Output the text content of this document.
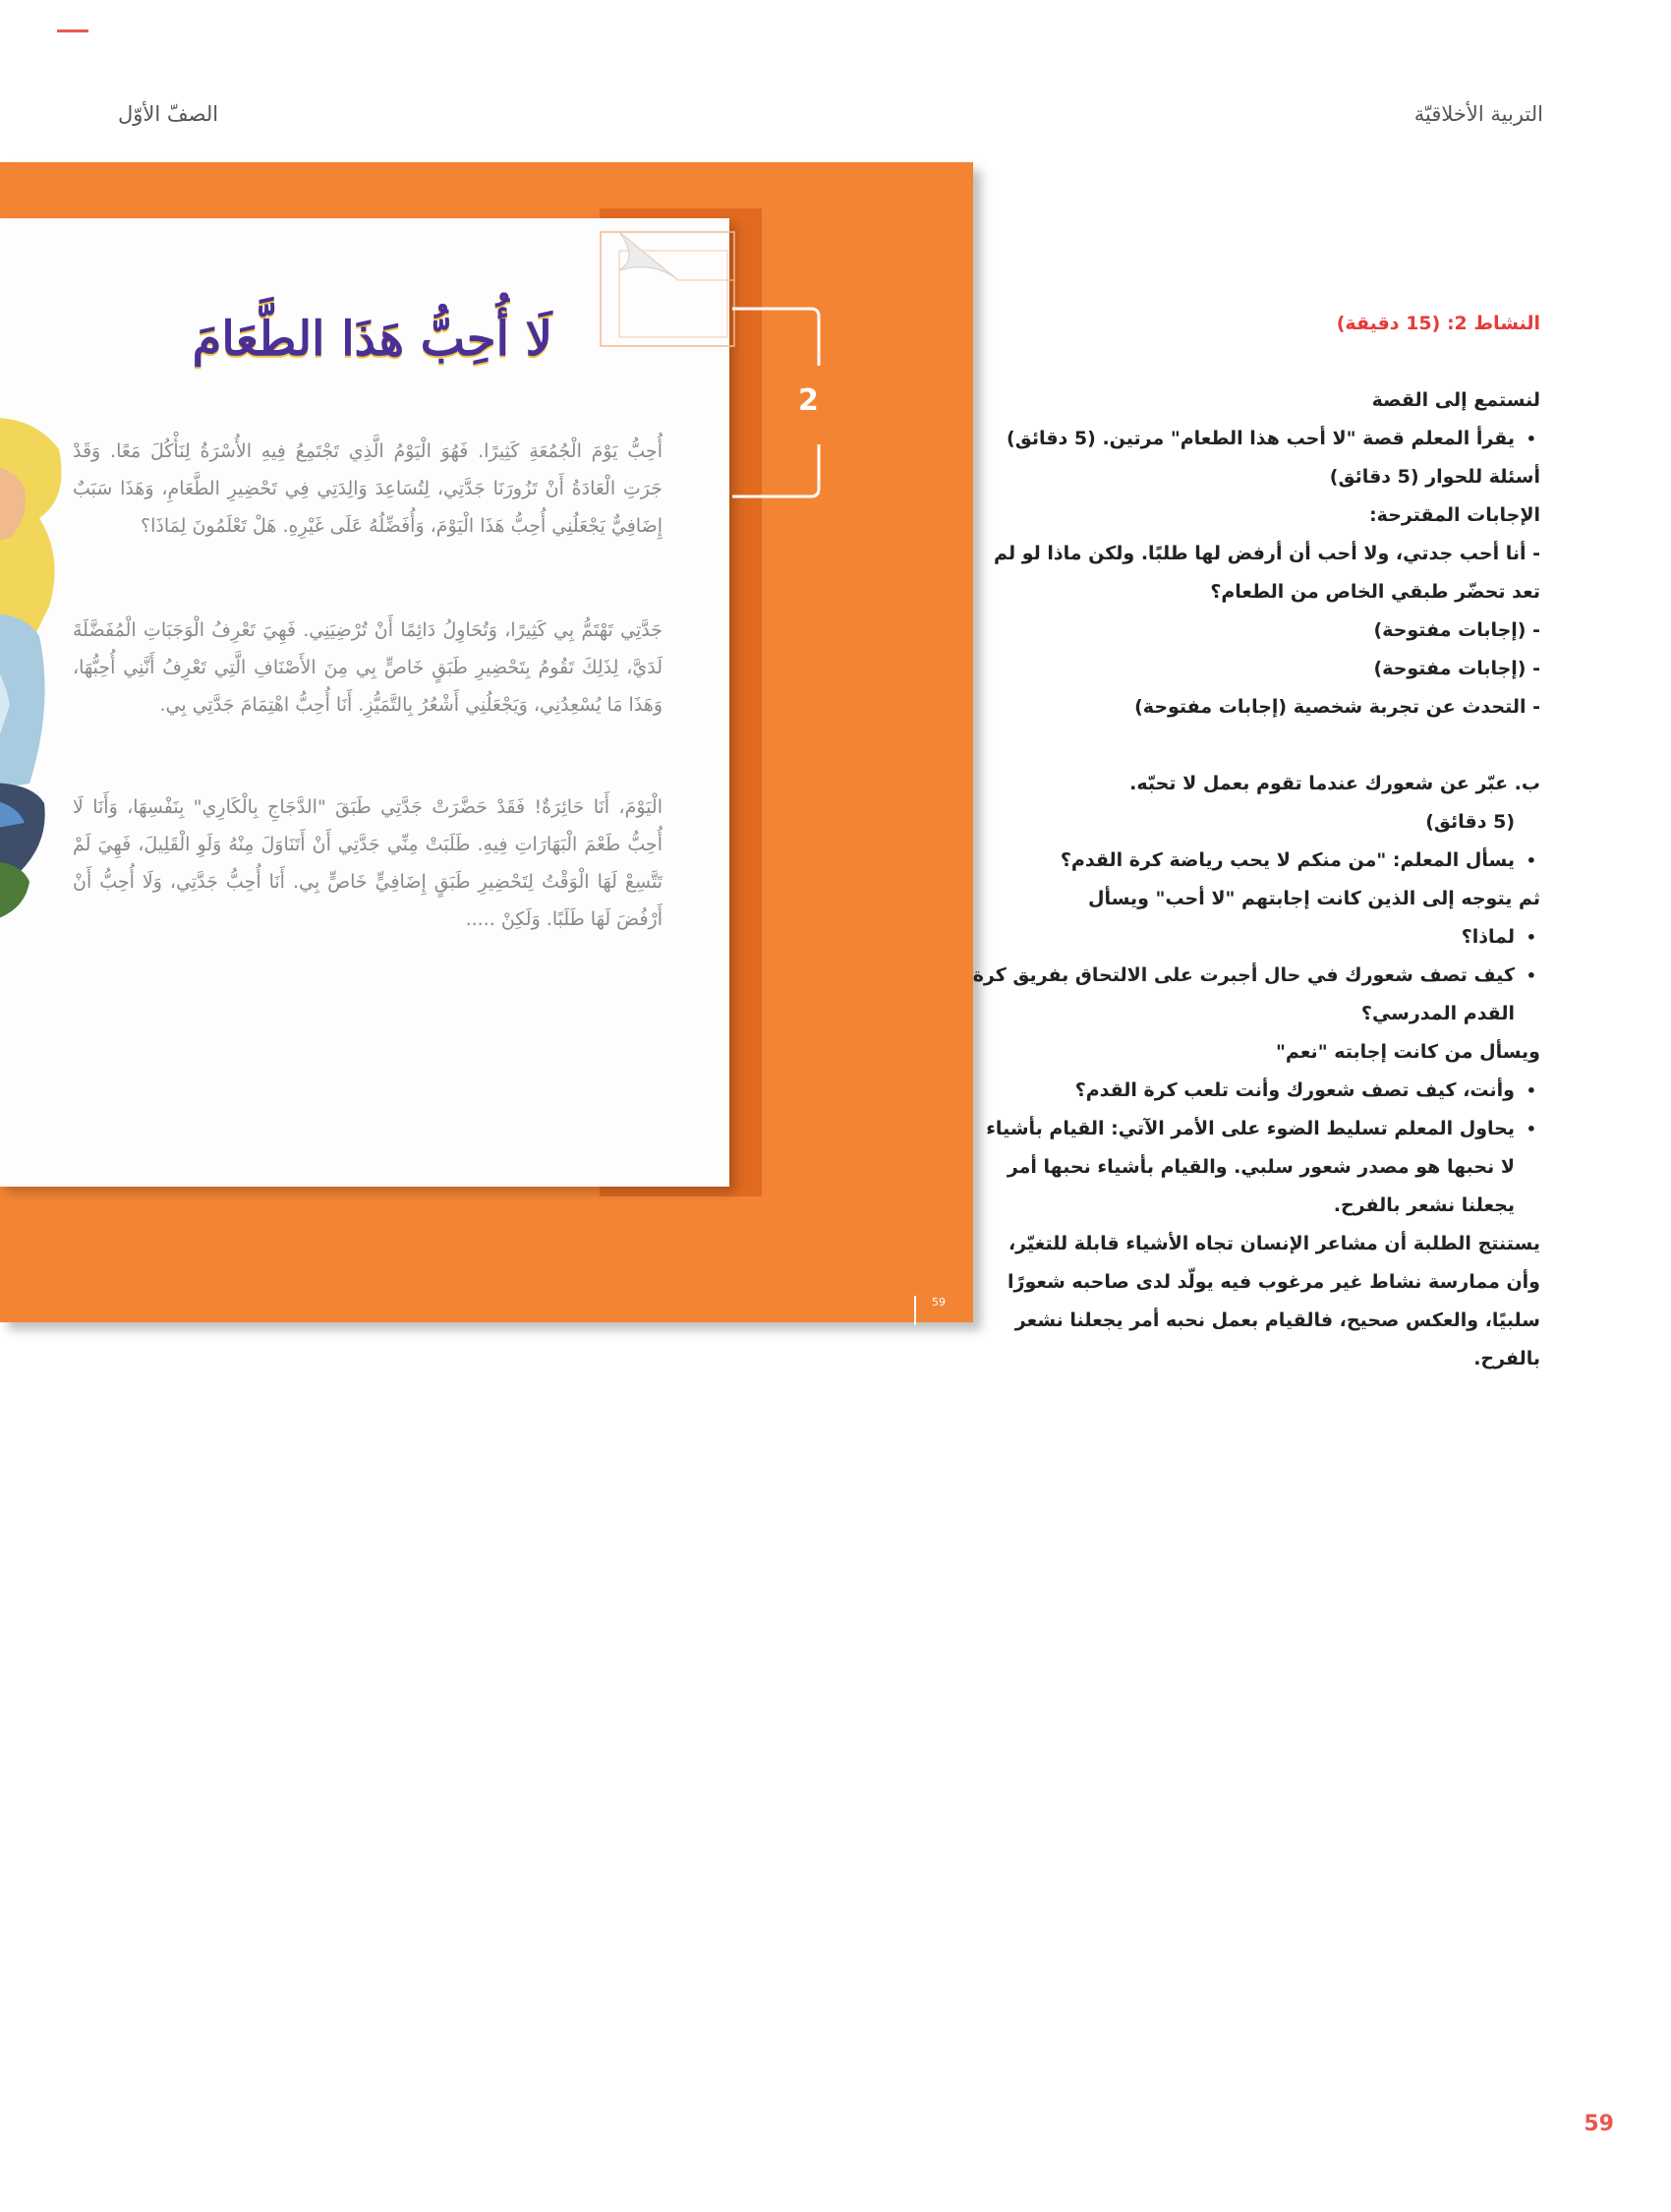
الصفّ الأوّل	التربية الأخلاقيّة
لَا أُحِبُّ هَذَا الطَّعَامَ

أُحِبُّ يَوْمَ الْجُمُعَةِ كَثِيرًا. فَهُوَ الْيَوْمُ الَّذِي تَجْتَمِعُ فِيهِ الأُسْرَةُ لِنَأْكُلَ مَعًا. وَقَدْ جَرَتِ الْعَادَةُ أَنْ تَزُورَنَا جَدَّتِي، لِتُسَاعِدَ وَالِدَتِي فِي تَحْضِيرِ الطَّعَامِ، وَهَذَا سَبَبٌ إِضَافِيٌّ يَجْعَلُنِي أُحِبُّ هَذَا الْيَوْمَ، وَأُفَضِّلُهُ عَلَى غَيْرِهِ. هَلْ تَعْلَمُونَ لِمَاذَا؟

جَدَّتِي تَهْتَمُّ بِي كَثِيرًا، وَتُحَاوِلُ دَائِمًا أَنْ تُرْضِيَنِي. فَهِيَ تَعْرِفُ الْوَجَبَاتِ الْمُفَضَّلَةَ لَدَيَّ، لِذَلِكَ تَقُومُ بِتَحْضِيرِ طَبَقٍ خَاصٍّ بِي مِنَ الأَصْنَافِ الَّتِي تَعْرِفُ أَنَّنِي أُحِبُّهَا، وَهَذَا مَا يُسْعِدُنِي، وَيَجْعَلُنِي أَشْعُرُ بِالتَّمَيُّزِ. أَنَا أُحِبُّ اهْتِمَامَ جَدَّتِي بِي.

الْيَوْمَ، أَنَا حَائِرَةٌ! فَقَدْ حَضَّرَتْ جَدَّتِي طَبَقَ "الدَّجَاجِ بِالْكَارِي" بِنَفْسِهَا، وَأَنَا لَا أُحِبُّ طَعْمَ الْبَهَارَاتِ فِيهِ. طَلَبَتْ مِنِّي جَدَّتِي أَنْ أَتَنَاوَلَ مِنْهُ وَلَوِ الْقَلِيلَ، فَهِيَ لَمْ تَتَّسِعْ لَهَا الْوَقْتُ لِتَحْضِيرِ طَبَقٍ إِضَافِيٍّ خَاصٍّ بِي. أَنَا أُحِبُّ جَدَّتِي، وَلَا أُحِبُّ أَنْ أَرْفُضَ لَهَا طَلَبًا. وَلَكِنْ .....

2
59

النشاط 2: (15 دقيقة)

لنستمع إلى القصة

• يقرأ المعلم قصة "لا أحب هذا الطعام" مرتين. (5 دقائق)

أسئلة للحوار (5 دقائق)

الإجابات المقترحة:

- أنا أحب جدتي، ولا أحب أن أرفض لها طلبًا. ولكن ماذا لو لم تعد تحضّر طبقي الخاص من الطعام؟

- (إجابات مفتوحة)

- (إجابات مفتوحة)

- التحدث عن تجربة شخصية (إجابات مفتوحة)

ب. عبّر عن شعورك عندما تقوم بعمل لا تحبّه.

(5 دقائق)

• يسأل المعلم: "من منكم لا يحب رياضة كرة القدم؟

ثم يتوجه إلى الذين كانت إجابتهم "لا أحب" ويسأل

• لماذا؟
• كيف تصف شعورك في حال أجبرت على الالتحاق بفريق كرة القدم المدرسي؟

ويسأل من كانت إجابته "نعم"

• وأنت، كيف تصف شعورك وأنت تلعب كرة القدم؟
• يحاول المعلم تسليط الضوء على الأمر الآتي: القيام بأشياء لا نحبها هو مصدر شعور سلبي. والقيام بأشياء نحبها أمر يجعلنا نشعر بالفرح.

يستنتج الطلبة أن مشاعر الإنسان تجاه الأشياء قابلة للتغيّر، وأن ممارسة نشاط غير مرغوب فيه يولّد لدى صاحبه شعورًا سلبيًا، والعكس صحيح، فالقيام بعمل نحبه أمر يجعلنا نشعر بالفرح.

59
